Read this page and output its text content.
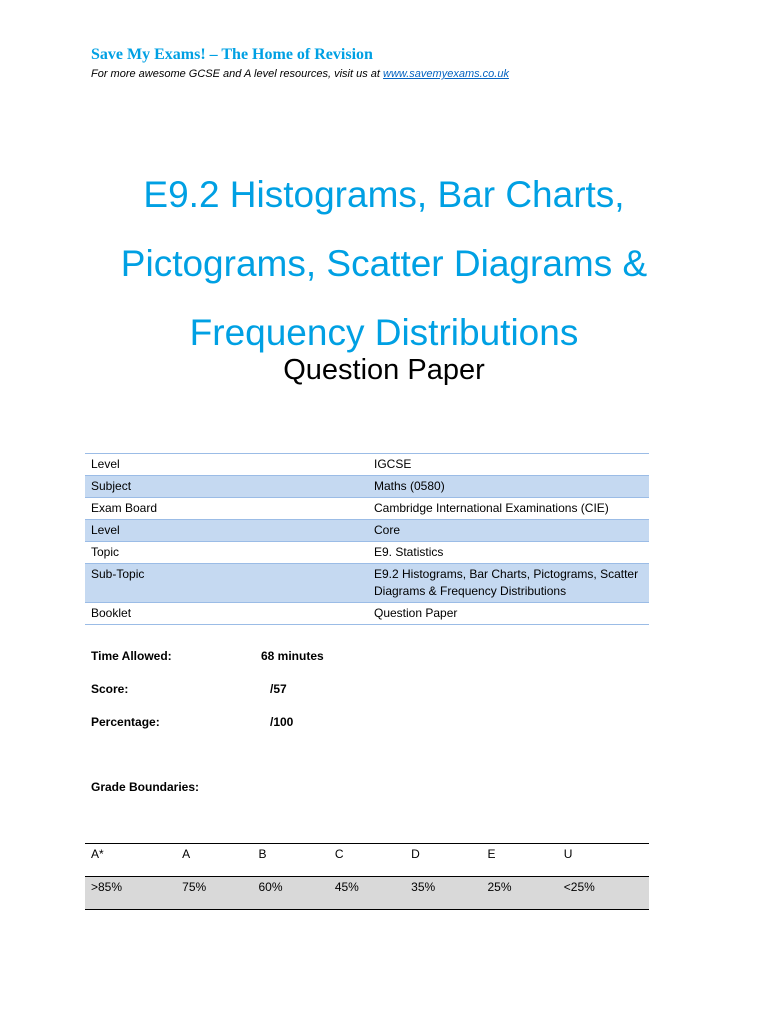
Save My Exams! – The Home of Revision
For more awesome GCSE and A level resources, visit us at www.savemyexams.co.uk
E9.2 Histograms, Bar Charts,
Pictograms, Scatter Diagrams &
Frequency Distributions
Question Paper
Level	IGCSE
Subject	Maths (0580)
Exam Board	Cambridge International Examinations (CIE)
Level	Core
Topic	E9. Statistics
Sub-Topic	E9.2 Histograms, Bar Charts, Pictograms, Scatter Diagrams & Frequency Distributions
Booklet	Question Paper
Time Allowed:	68 minutes
Score:	/57
Percentage:	/100
Grade Boundaries:
A*	A	B	C	D	E	U
>85%	75%	60%	45%	35%	25%	<25%
